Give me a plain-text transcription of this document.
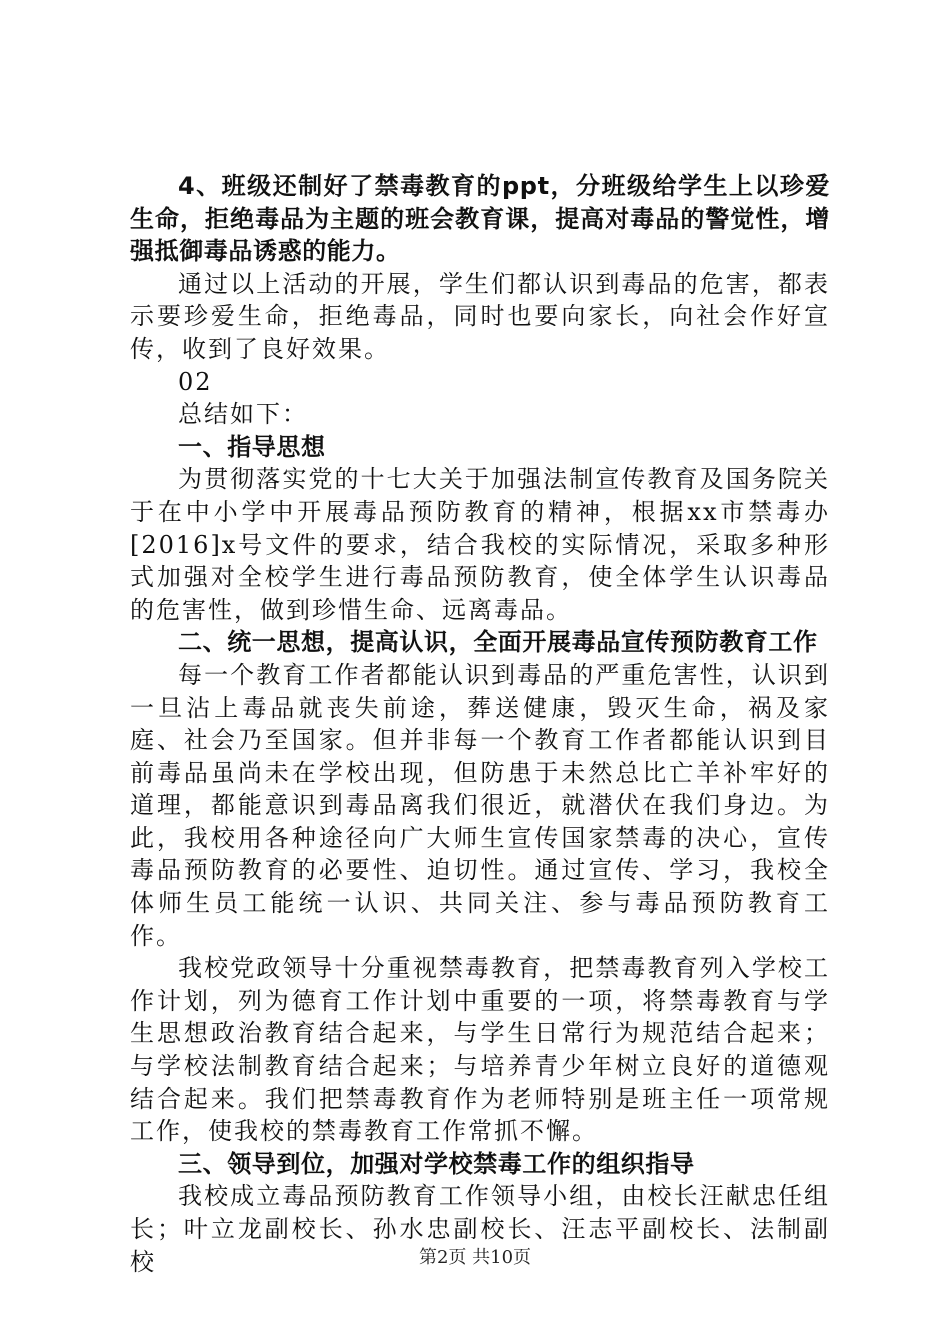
4、班级还制好了禁毒教育的ppt，分班级给学生上以珍爱生命，拒绝毒品为主题的班会教育课，提高对毒品的警觉性，增强抵御毒品诱惑的能力。

通过以上活动的开展，学生们都认识到毒品的危害，都表示要珍爱生命，拒绝毒品，同时也要向家长，向社会作好宣传，收到了良好效果。

02

总结如下：

一、指导思想

为贯彻落实党的十七大关于加强法制宣传教育及国务院关于在中小学中开展毒品预防教育的精神，根据xx市禁毒办[2016]x号文件的要求，结合我校的实际情况，采取多种形式加强对全校学生进行毒品预防教育，使全体学生认识毒品的危害性，做到珍惜生命、远离毒品。

二、统一思想，提高认识，全面开展毒品宣传预防教育工作

每一个教育工作者都能认识到毒品的严重危害性，认识到一旦沾上毒品就丧失前途，葬送健康，毁灭生命，祸及家庭、社会乃至国家。但并非每一个教育工作者都能认识到目前毒品虽尚未在学校出现，但防患于未然总比亡羊补牢好的道理，都能意识到毒品离我们很近，就潜伏在我们身边。为此，我校用各种途径向广大师生宣传国家禁毒的决心，宣传毒品预防教育的必要性、迫切性。通过宣传、学习，我校全体师生员工能统一认识、共同关注、参与毒品预防教育工作。

我校党政领导十分重视禁毒教育，把禁毒教育列入学校工作计划，列为德育工作计划中重要的一项，将禁毒教育与学生思想政治教育结合起来，与学生日常行为规范结合起来；与学校法制教育结合起来；与培养青少年树立良好的道德观结合起来。我们把禁毒教育作为老师特别是班主任一项常规工作，使我校的禁毒教育工作常抓不懈。

三、领导到位，加强对学校禁毒工作的组织指导

我校成立毒品预防教育工作领导小组，由校长汪献忠任组长；叶立龙副校长、孙水忠副校长、汪志平副校长、法制副校	第2页 共10页
